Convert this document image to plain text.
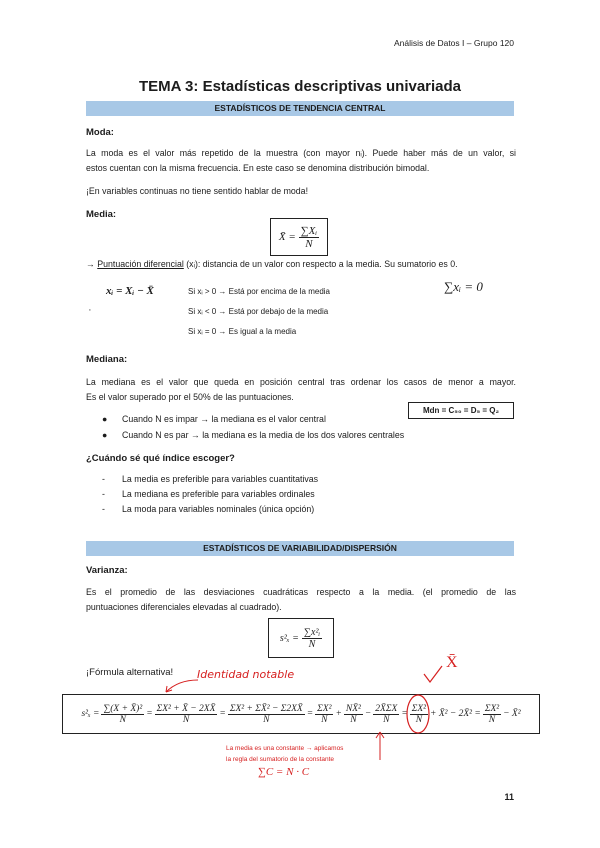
Análisis de Datos I – Grupo 120
TEMA 3: Estadísticas descriptivas univariada
ESTADÍSTICOS DE TENDENCIA CENTRAL
Moda:
La moda es el valor más repetido de la muestra (con mayor nᵢ). Puede haber más de un valor, si
estos cuentan con la misma frecuencia. En este caso se denomina distribución bimodal.
¡En variables continuas no tiene sentido hablar de moda!
Media:
X̄ = $\frac{\text{∑Xᵢ}}{N}$
→ Puntuación diferencial (xᵢ): distancia de un valor con respecto a la media. Su sumatorio es 0.
xᵢ = Xᵢ − X̄	∑xᵢ = 0
Si xᵢ > 0 → Está por encima de la media
Si xᵢ < 0 → Está por debajo de la media
Si xᵢ = 0 → Es igual a la media
‚
Mediana:
La mediana es el valor que queda en posición central tras ordenar los casos de menor a mayor.
Es el valor superado por el 50% de las puntuaciones.
Mdn = C₅₀ = D₅ = Q₂
● Cuando N es impar → la mediana es el valor central
● Cuando N es par → la mediana es la media de los dos valores centrales
¿Cuándo sé qué índice escoger?
- La media es preferible para variables cuantitativas
- La mediana es preferible para variables ordinales
- La moda para variables nominales (única opción)
ESTADÍSTICOS DE VARIABILIDAD/DISPERSIÓN
Varianza:
Es el promedio de las desviaciones cuadráticas respecto a la media. (el promedio de las
puntuaciones diferenciales elevadas al cuadrado).
$s^2_x = \frac{\text{∑x²ᵢ}}{N}$
¡Fórmula alternativa! Identidad notable
X̄
$s^2_x = \frac{\text{∑(X + X̄)²}}{N} = \frac{\text{ΣX² + X̄ − 2XX̄}}{N} = \frac{\text{ΣX² + ΣX̄² − Σ2XX̄}}{N} = \frac{\text{ΣX²}}{N} + \frac{\text{NX̄²}}{N} - \frac{2X̄\Sigma X}{N} = \frac{\text{ΣX²}}{N}$ + X̄² − 2X̄² = $\frac{\text{ΣX²}}{N}$ − X̄²
La media es una constante → aplicamos
la regla del sumatorio de la constante
∑C = N · C
11
